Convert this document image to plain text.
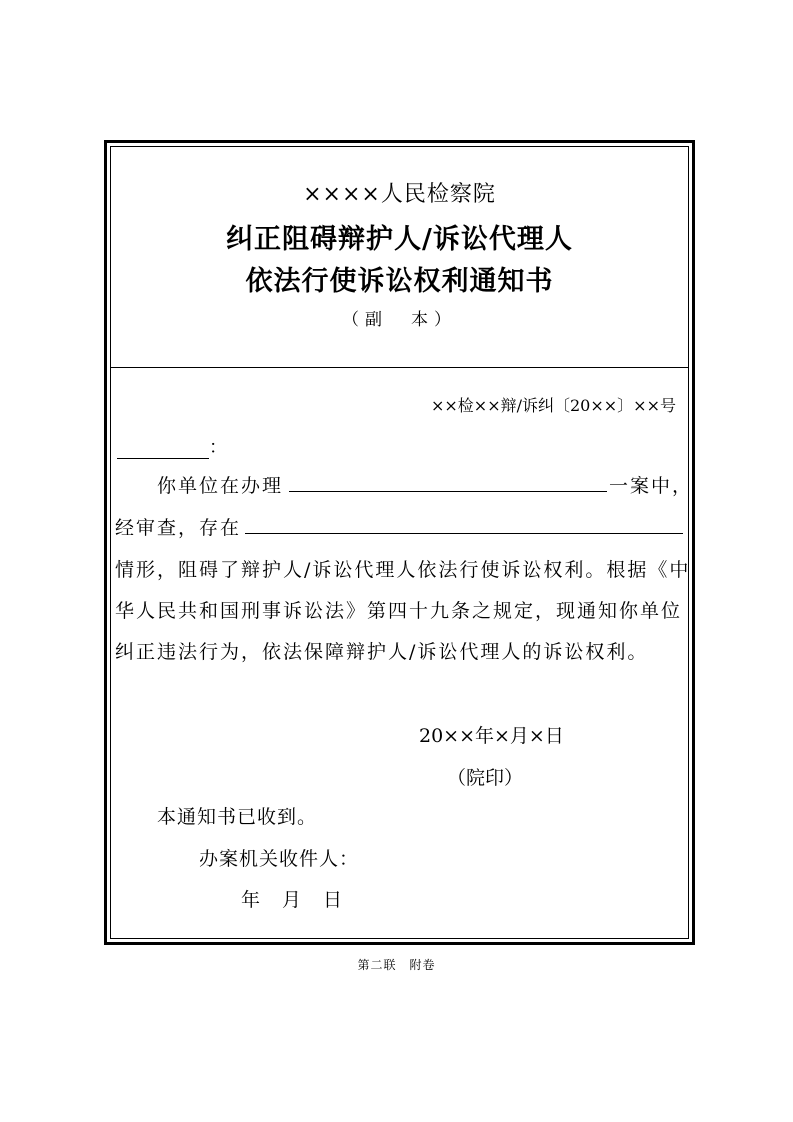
××××人民检察院
纠正阻碍辩护人/诉讼代理人
依法行使诉讼权利通知书
（副　本）
××检××辩/诉纠〔20××〕××号
：
你单位在办理	一案中，
经审查，存在
情形，阻碍了辩护人/诉讼代理人依法行使诉讼权利。根据《中
华人民共和国刑事诉讼法》第四十九条之规定，现通知你单位
纠正违法行为，依法保障辩护人/诉讼代理人的诉讼权利。
20××年×月×日
（院印）
本通知书已收到。
办案机关收件人：
年 月 日
第二联　附卷
